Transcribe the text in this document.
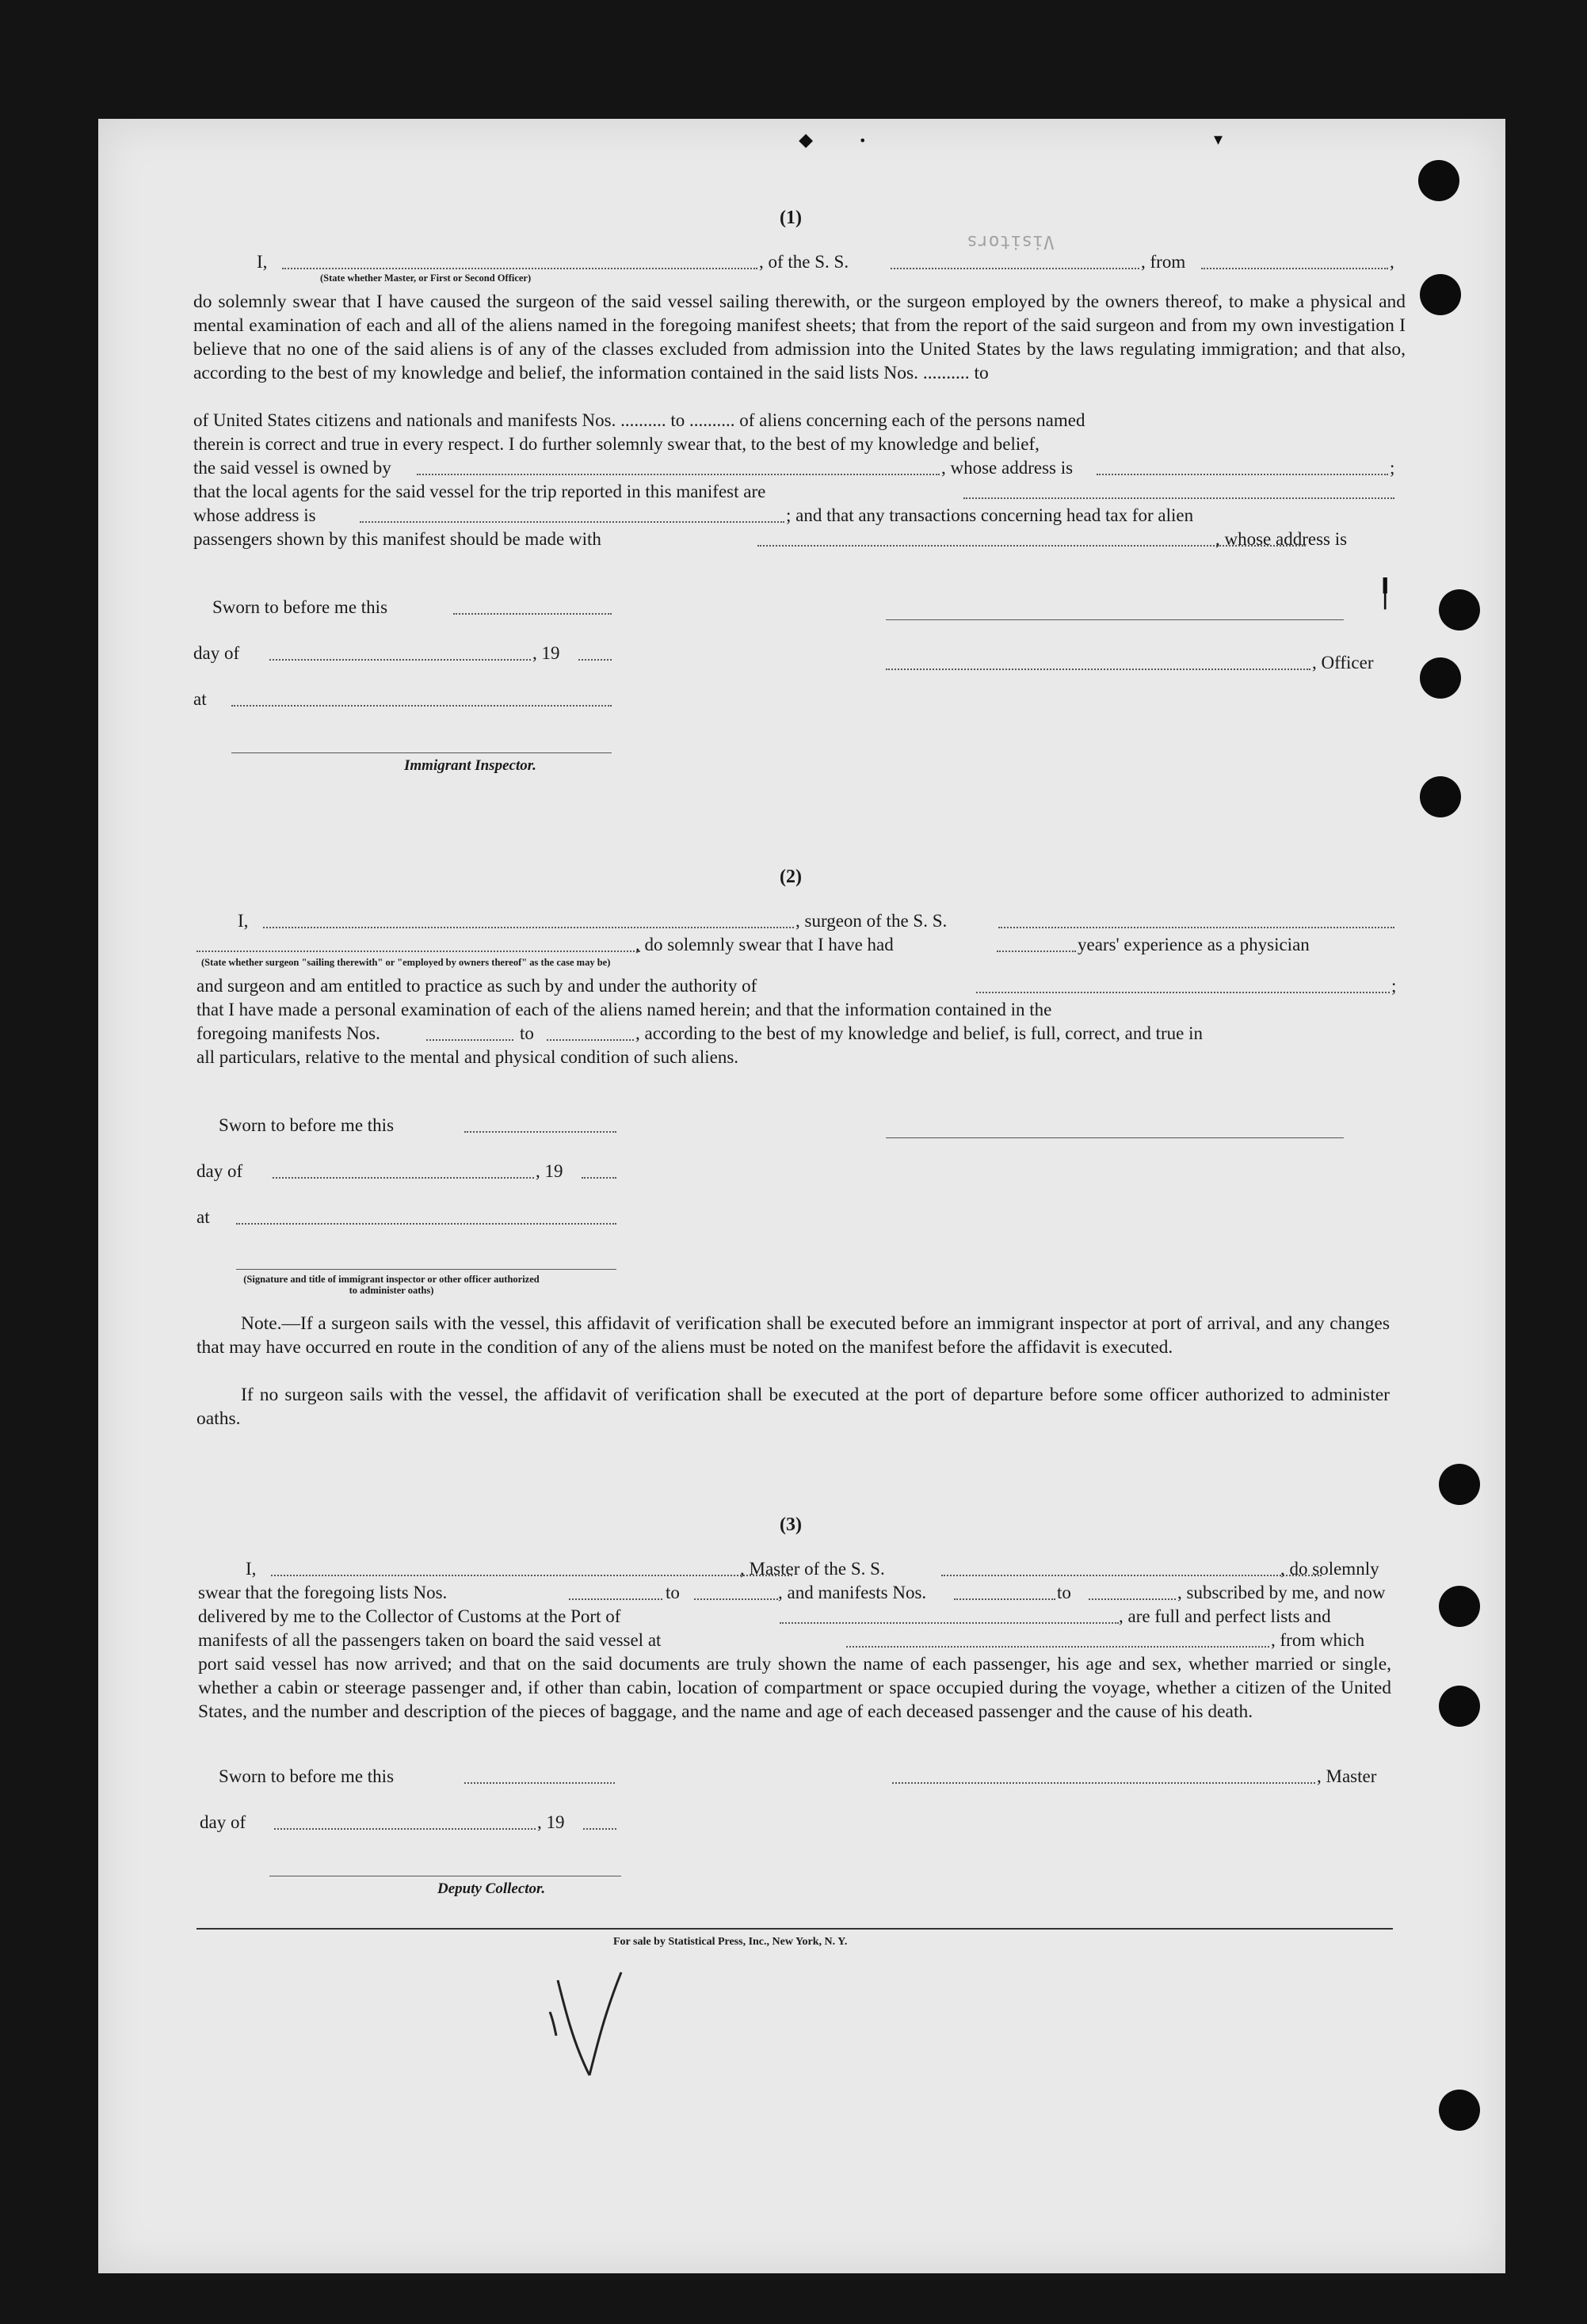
⬥	•	▾
╿
(1)
I,	, of the S. S.
Visitors
, from	,
(State whether Master, or First or Second Officer)

do solemnly swear that I have caused the surgeon of the said vessel sailing therewith, or the surgeon employed by the owners thereof, to make a physical and mental examination of each and all of the aliens named in the foregoing manifest sheets; that from the report of the said surgeon and from my own investigation I believe that no one of the said aliens is of any of the classes excluded from admission into the United States by the laws regulating immigration; and that also, according to the best of my knowledge and belief, the information contained in the said lists Nos. .......... to

of United States citizens and nationals and manifests Nos. .......... to .......... of aliens concerning each of the persons named
therein is correct and true in every respect. I do further solemnly swear that, to the best of my knowledge and belief,
the said vessel is owned by	, whose address is	;
that the local agents for the said vessel for the trip reported in this manifest are
whose address is	; and that any transactions concerning head tax for alien
passengers shown by this manifest should be made with	, whose address is
Sworn to before me this
day of	, 19	, Officer
at
Immigrant Inspector.
(2)
I,	, surgeon of the S. S.
, do solemnly swear that I have had	years' experience as a physician
(State whether surgeon "sailing therewith" or "employed by owners thereof" as the case may be)
and surgeon and am entitled to practice as such by and under the authority of	;
that I have made a personal examination of each of the aliens named herein; and that the information contained in the
foregoing manifests Nos.	to	, according to the best of my knowledge and belief, is full, correct, and true in
all particulars, relative to the mental and physical condition of such aliens.
Sworn to before me this
day of	, 19
at
(Signature and title of immigrant inspector or other officer authorized to administer oaths)

Note.—If a surgeon sails with the vessel, this affidavit of verification shall be executed before an immigrant inspector at port of arrival, and any changes that may have occurred en route in the condition of any of the aliens must be noted on the manifest before the affidavit is executed.

If no surgeon sails with the vessel, the affidavit of verification shall be executed at the port of departure before some officer authorized to administer oaths.

(3)
I,	, Master of the S. S.	, do solemnly
swear that the foregoing lists Nos.	to	, and manifests Nos.	to	, subscribed by me, and now
delivered by me to the Collector of Customs at the Port of	, are full and perfect lists and
manifests of all the passengers taken on board the said vessel at	, from which

port said vessel has now arrived; and that on the said documents are truly shown the name of each passenger, his age and sex, whether married or single, whether a cabin or steerage passenger and, if other than cabin, location of compartment or space occupied during the voyage, whether a citizen of the United States, and the number and description of the pieces of baggage, and the name and age of each deceased passenger and the cause of his death.

Sworn to before me this	, Master
day of	, 19
Deputy Collector.
For sale by Statistical Press, Inc., New York, N. Y.
